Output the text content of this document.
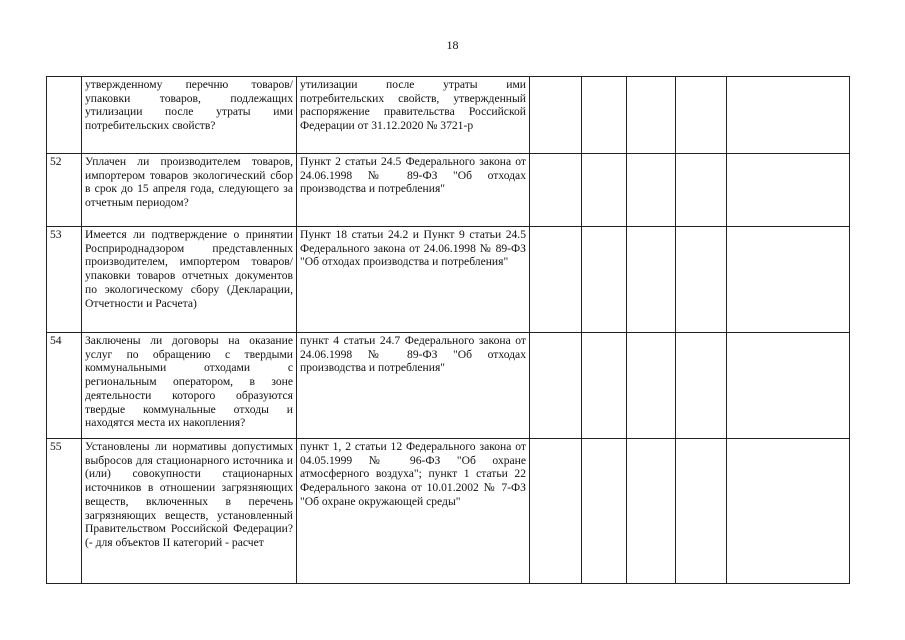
18
	утвержденному перечню товаров/упаковки товаров, подлежащих утилизации после утраты ими потребительских свойств?	утилизации после утраты ими потребительских свойств, утвержденный распоряжение правительства Российской Федерации от 31.12.2020 № 3721-р					
52	Уплачен ли производителем товаров, импортером товаров экологический сбор в срок до 15 апреля года, следующего за отчетным периодом?	Пункт 2 статьи 24.5 Федерального закона от 24.06.1998 № 89-ФЗ "Об отходах производства и потребления"					
53	Имеется ли подтверждение о принятии Росприроднадзором представленных производителем, импортером товаров/упаковки товаров отчетных документов по экологическому сбору (Декларации, Отчетности и Расчета)	Пункт 18 статьи 24.2 и Пункт 9 статьи 24.5 Федерального закона от 24.06.1998 № 89-ФЗ "Об отходах производства и потребления"					
54	Заключены ли договоры на оказание услуг по обращению с твердыми коммунальными отходами с региональным оператором, в зоне деятельности которого образуются твердые коммунальные отходы и находятся места их накопления?	пункт 4 статьи 24.7 Федерального закона от 24.06.1998 № 89-ФЗ "Об отходах производства и потребления"					
55	Установлены ли нормативы допустимых выбросов для стационарного источника и (или) совокупности стационарных источников в отношении загрязняющих веществ, включенных в перечень загрязняющих веществ, установленный Правительством Российской Федерации? (- для объектов II категорий - расчет	пункт 1, 2 статьи 12 Федерального закона от 04.05.1999 № 96-ФЗ "Об охране атмосферного воздуха"; пункт 1 статьи 22 Федерального закона от 10.01.2002 № 7-ФЗ "Об охране окружающей среды"					
